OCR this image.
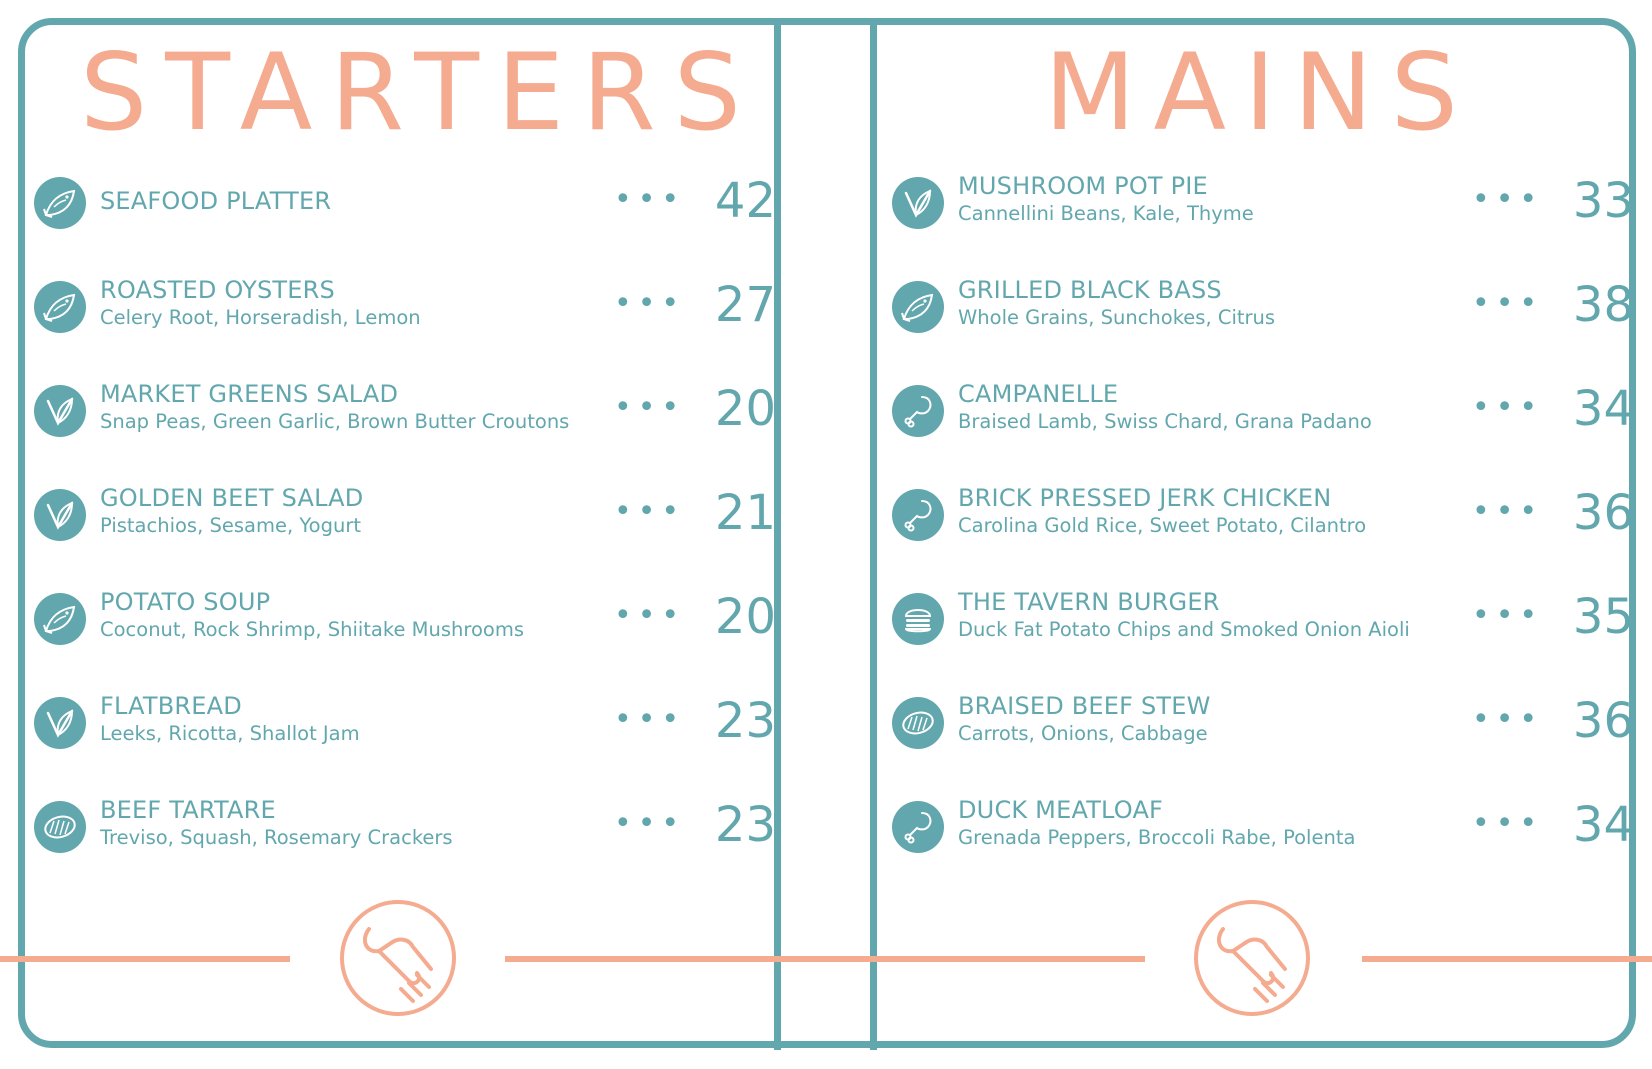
STARTERS	MAINS
SEAFOOD PLATTER	••• 42
ROASTED OYSTERS
Celery Root, Horseradish, Lemon	••• 27
MARKET GREENS SALAD
Snap Peas, Green Garlic, Brown Butter Croutons ••• 20
GOLDEN BEET SALAD
Pistachios, Sesame, Yogurt	••• 21
POTATO SOUP
Coconut, Rock Shrimp, Shiitake Mushrooms	••• 20
FLATBREAD
Leeks, Ricotta, Shallot Jam	••• 23
BEEF TARTARE
Treviso, Squash, Rosemary Crackers	••• 23
MUSHROOM POT PIE
Cannellini Beans, Kale, Thyme	••• 33
GRILLED BLACK BASS
Whole Grains, Sunchokes, Citrus	••• 38
CAMPANELLE
Braised Lamb, Swiss Chard, Grana Padano	••• 34
BRICK PRESSED JERK CHICKEN
Carolina Gold Rice, Sweet Potato, Cilantro	••• 36
THE TAVERN BURGER
Duck Fat Potato Chips and Smoked Onion Aioli ••• 35
BRAISED BEEF STEW
Carrots, Onions, Cabbage	••• 36
DUCK MEATLOAF
Grenada Peppers, Broccoli Rabe, Polenta	••• 34
